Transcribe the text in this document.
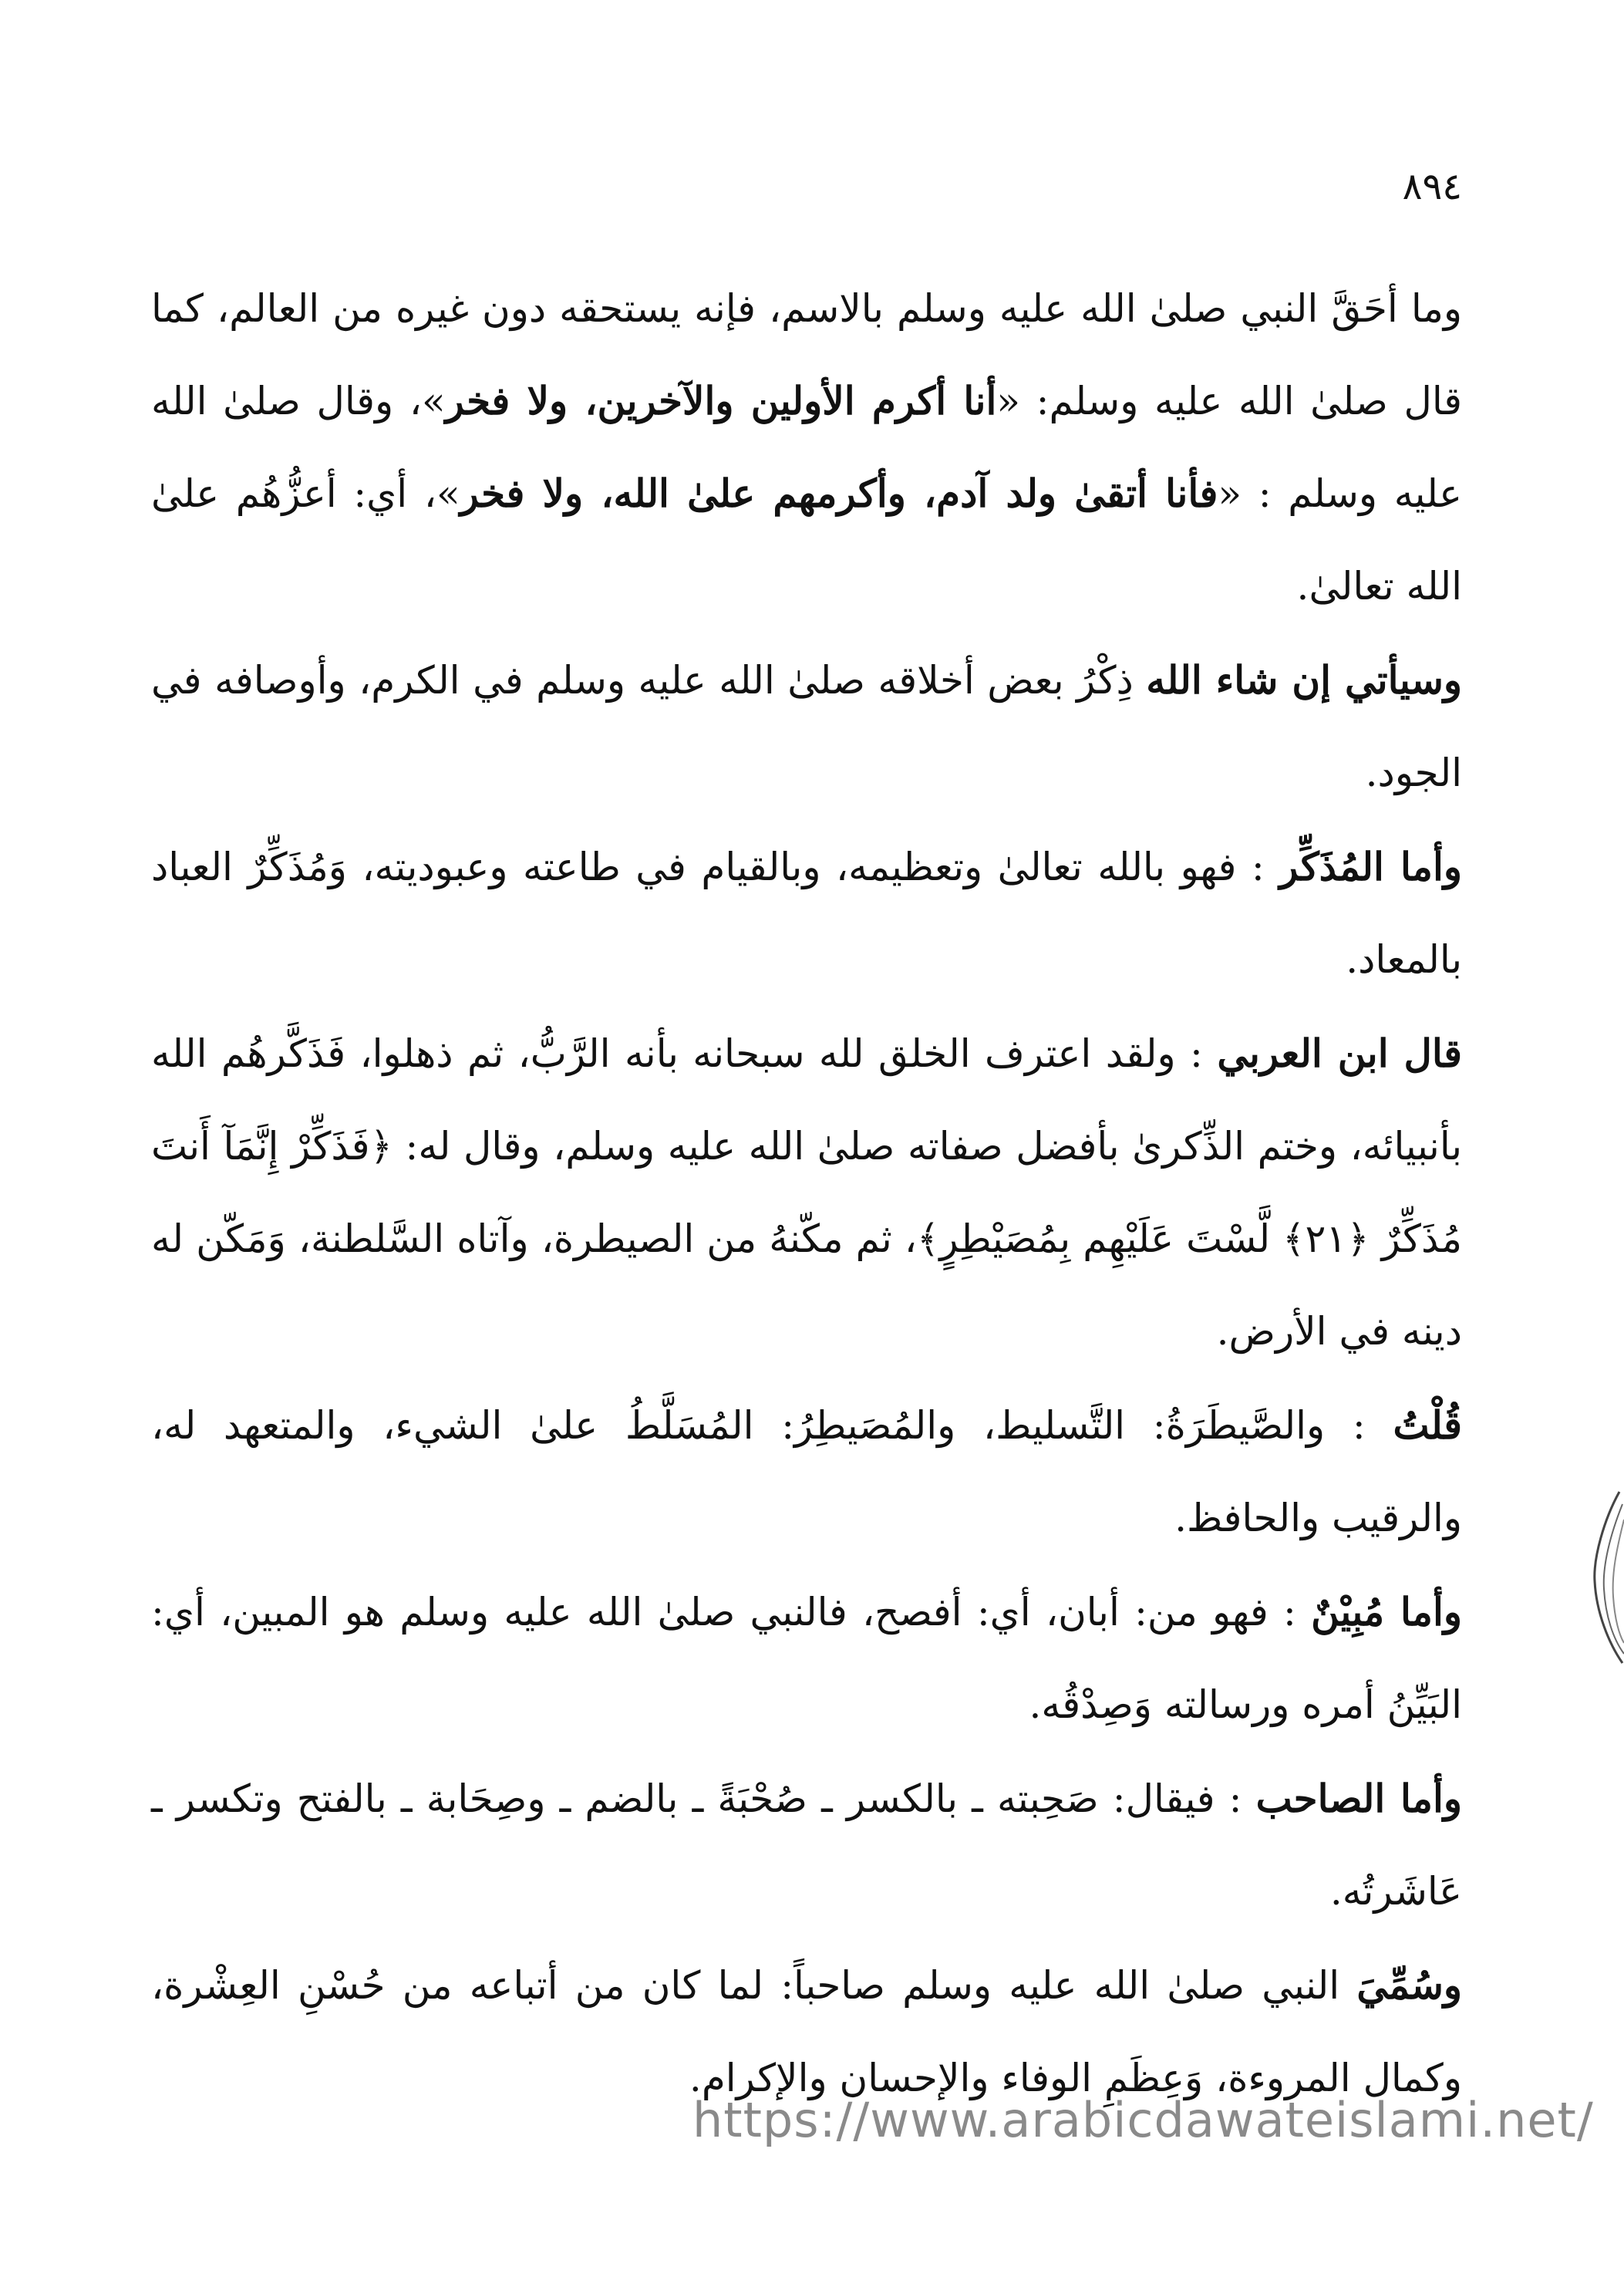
٨٩٤

وما أحَقَّ النبي صلىٰ الله عليه وسلم بالاسم، فإنه يستحقه دون غيره من العالم، كما قال صلىٰ الله عليه وسلم: «أنا أكرم الأولين والآخرين، ولا فخر»، وقال صلىٰ الله عليه وسلم : «فأنا أتقىٰ ولد آدم، وأكرمهم علىٰ الله، ولا فخر»، أي: أعزُّهُم علىٰ الله تعالىٰ.

وسيأتي إن شاء الله ذِكْرُ بعض أخلاقه صلىٰ الله عليه وسلم في الكرم، وأوصافه في الجود.

وأما المُذَكِّر : فهو بالله تعالىٰ وتعظيمه، وبالقيام في طاعته وعبوديته، وَمُذَكِّرٌ العباد بالمعاد.

قال ابن العربي : ولقد اعترف الخلق لله سبحانه بأنه الرَّبُّ، ثم ذهلوا، فَذَكَّرهُم الله بأنبيائه، وختم الذِّكرىٰ بأفضل صفاته صلىٰ الله عليه وسلم، وقال له: ﴿فَذَكِّرْ إِنَّمَآ أَنتَ مُذَكِّرٌ ﴿٢١﴾ لَّسْتَ عَلَيْهِم بِمُصَيْطِرٍ﴾، ثم مكّنهُ من الصيطرة، وآتاه السَّلطنة، وَمَكّن له دينه في الأرض.

قُلْتُ : والصَّيطَرَةُ: التَّسليط، والمُصَيطِرُ: المُسَلَّطُ علىٰ الشيء، والمتعهد له، والرقيب والحافظ.

وأما مُبِيْنٌ : فهو من: أبان، أي: أفصح، فالنبي صلىٰ الله عليه وسلم هو المبين، أي: البَيِّنُ أمره ورسالته وَصِدْقُه.

وأما الصاحب : فيقال: صَحِبته ـ بالكسر ـ صُحْبَةً ـ بالضم ـ وصِحَابة ـ بالفتح وتكسر ـ عَاشَرتُه.

وسُمِّيَ النبي صلىٰ الله عليه وسلم صاحباً: لما كان من أتباعه من حُسْنِ العِشْرة، وكمال المروءة، وَعِظَمِ الوفاء والإحسان والإكرام.

https://www.arabicdawateislami.net/
